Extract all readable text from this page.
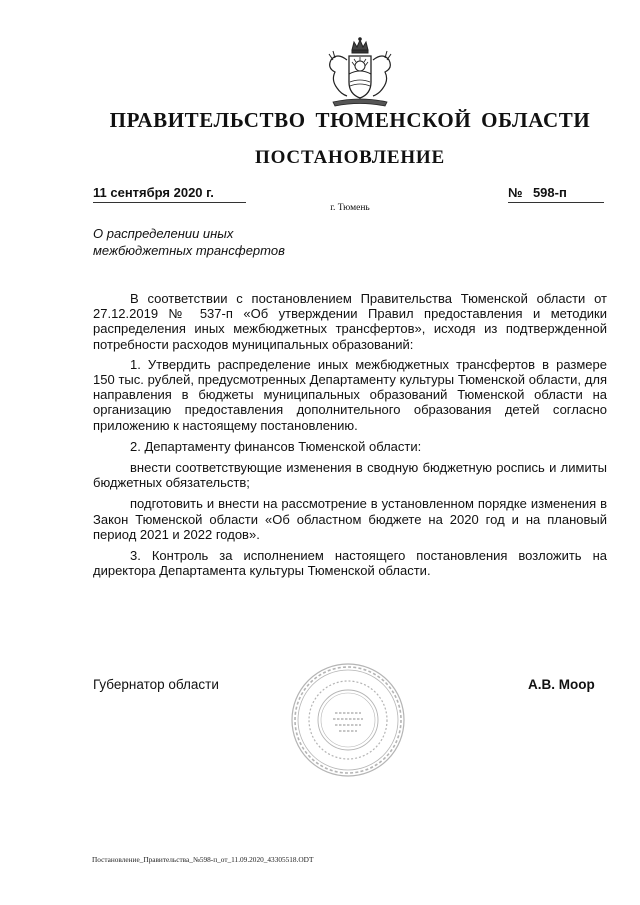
ПРАВИТЕЛЬСТВО ТЮМЕНСКОЙ ОБЛАСТИ
ПОСТАНОВЛЕНИЕ
11 сентября 2020 г.	№ 598-п
г. Тюмень
О распределении иных
межбюджетных трансфертов

В соответствии с постановлением Правительства Тюменской области от 27.12.2019 № 537-п «Об утверждении Правил предоставления и методики распределения иных межбюджетных трансфертов», исходя из подтвержденной потребности расходов муниципальных образований:

1. Утвердить распределение иных межбюджетных трансфертов в размере 150 тыс. рублей, предусмотренных Департаменту культуры Тюменской области, для направления в бюджеты муниципальных образований Тюменской области на организацию предоставления дополнительного образования детей согласно приложению к настоящему постановлению.

2. Департаменту финансов Тюменской области:

внести соответствующие изменения в сводную бюджетную роспись и лимиты бюджетных обязательств;

подготовить и внести на рассмотрение в установленном порядке изменения в Закон Тюменской области «Об областном бюджете на 2020 год и на плановый период 2021 и 2022 годов».

3. Контроль за исполнением настоящего постановления возложить на директора Департамента культуры Тюменской области.

Губернатор области	А.В. Моор
Постановление_Правительства_№598-п_от_11.09.2020_43305518.ODT
